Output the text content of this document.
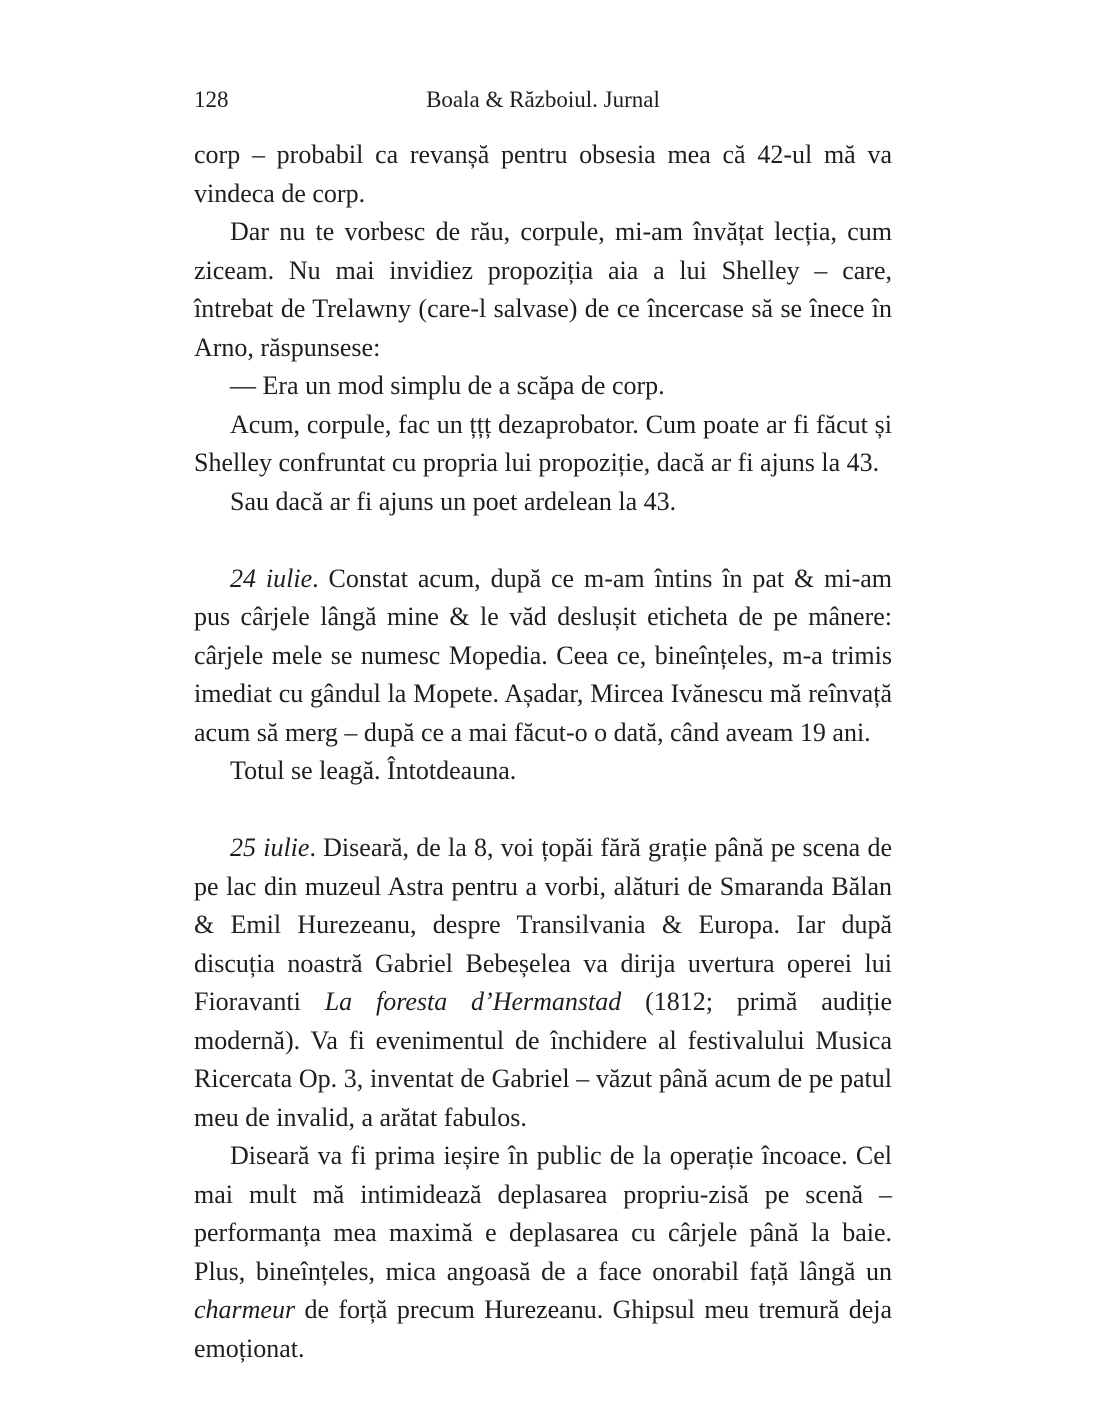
128	Boala & Războiul. Jurnal

corp – probabil ca revanșă pentru obsesia mea că 42-ul mă va vindeca de corp.

Dar nu te vorbesc de rău, corpule, mi-am învățat lecția, cum ziceam. Nu mai invidiez propoziția aia a lui Shelley – care, întrebat de Trelawny (care-l salvase) de ce încercase să se înece în Arno, răspunsese:

— Era un mod simplu de a scăpa de corp.

Acum, corpule, fac un țțț dezaprobator. Cum poate ar fi făcut și Shelley confruntat cu propria lui propoziție, dacă ar fi ajuns la 43.

Sau dacă ar fi ajuns un poet ardelean la 43.

24 iulie. Constat acum, după ce m-am întins în pat & mi-am pus cârjele lângă mine & le văd deslușit eticheta de pe mânere: cârjele mele se numesc Mopedia. Ceea ce, bineînțeles, m-a trimis imediat cu gândul la Mopete. Așadar, Mircea Ivănescu mă reînvață acum să merg – după ce a mai făcut-o o dată, când aveam 19 ani.

Totul se leagă. Întotdeauna.

25 iulie. Diseară, de la 8, voi țopăi fără grație până pe scena de pe lac din muzeul Astra pentru a vorbi, alături de Smaranda Bălan & Emil Hurezeanu, despre Transilvania & Europa. Iar după discuția noastră Gabriel Bebeșelea va dirija uvertura operei lui Fioravanti La foresta d’Hermanstad (1812; primă audiție modernă). Va fi evenimentul de închidere al festivalului Musica Ricercata Op. 3, inventat de Gabriel – văzut până acum de pe patul meu de invalid, a arătat fabulos.

Diseară va fi prima ieșire în public de la operație încoace. Cel mai mult mă intimidează deplasarea propriu-zisă pe scenă – performanța mea maximă e deplasarea cu cârjele până la baie. Plus, bineînțeles, mica angoasă de a face onorabil față lângă un charmeur de forță precum Hurezeanu. Ghipsul meu tremură deja emoționat.
